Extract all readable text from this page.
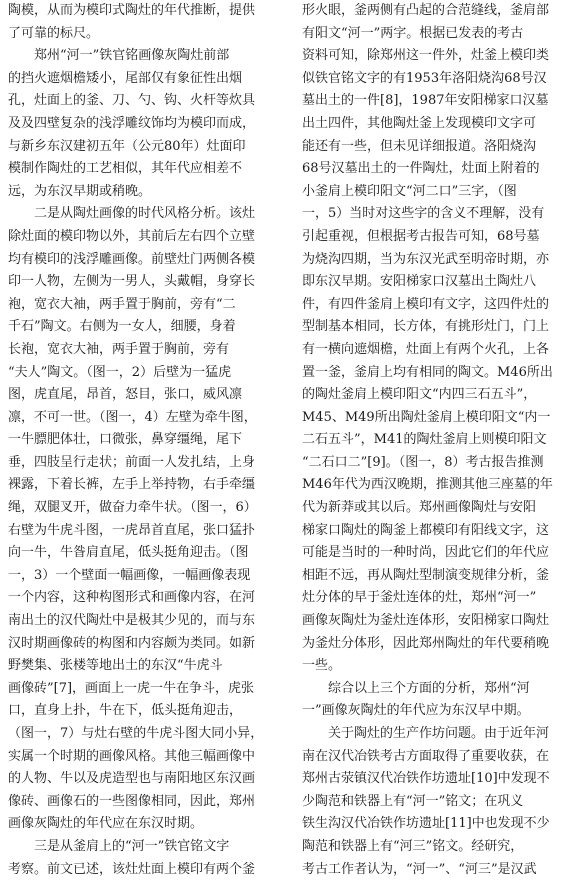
陶模，从而为模印式陶灶的年代推断，提供
了可靠的标尺。
郑州“河一”铁官铭画像灰陶灶前部
的挡火遮烟檐矮小，尾部仅有象征性出烟
孔，灶面上的釜、刀、勺、钩、火杆等炊具
及及四壁复杂的浅浮雕纹饰均为模印而成，
与新乡东汉建初五年（公元80年）灶面印
模制作陶灶的工艺相似，其年代应相差不
远，为东汉早期或稍晚。
二是从陶灶画像的时代风格分析。该灶
除灶面的模印物以外，其前后左右四个立壁
均有模印的浅浮雕画像。前壁灶门两侧各模
印一人物，左侧为一男人，头戴帽，身穿长
袍，宽衣大袖，两手置于胸前，旁有“二
千石”陶文。右侧为一女人，细腰，身着
长袍，宽衣大袖，两手置于胸前，旁有
“夫人”陶文。（图一，2）后壁为一猛虎
图，虎直尾，昂首，怒目，张口，威风凛
凛，不可一世。（图一，4）左壁为牵牛图，
一牛膘肥体壮，口微张，鼻穿缰绳，尾下
垂，四肢呈行走状；前面一人发扎结，上身
裸露，下着长裤，左手上举持物，右手牵缰
绳，双腿叉开，做奋力牵牛状。（图一，6）
右壁为牛虎斗图，一虎昂首直尾，张口猛扑
向一牛，牛昝肩直尾，低头挺角迎击。（图
一，3）一个壁面一幅画像，一幅画像表现
一个内容，这种构图形式和画像内容，在河
南出土的汉代陶灶中是极其少见的，而与东
汉时期画像砖的构图和内容颇为类同。如新
野樊集、张楼等地出土的东汉“牛虎斗
画像砖”[7]，画面上一虎一牛在争斗，虎张
口，直身上扑，牛在下，低头挺角迎击，
（图一，7）与灶右壁的牛虎斗图大同小异，
实属一个时期的画像风格。其他三幅画像中
的人物、牛以及虎造型也与南阳地区东汉画
像砖、画像石的一些图像相同，因此，郑州
画像灰陶灶的年代应在东汉时期。
三是从釜肩上的“河一”铁官铭文字
考察。前文已述，该灶灶面上模印有两个釜
形火眼，釜两侧有凸起的合范缝线，釜肩部
有阳文“河一”两字。根据已发表的考古
资料可知，除郑州这一件外，灶釜上模印类
似铁官铭文字的有1953年洛阳烧沟68号汉
墓出土的一件[8]，1987年安阳梯家口汉墓
出土四件，其他陶灶釜上发现模印文字可
能还有一些，但未见详细报道。洛阳烧沟
68号汉墓出土的一件陶灶，灶面上附着的
小釜肩上模印阳文“河二口”三字，（图
一，5）当时对这些字的含义不理解，没有
引起重视，但根据考古报告可知，68号墓
为烧沟四期，当为东汉光武至明帝时期，亦
即东汉早期。安阳梯家口汉墓出土陶灶八
件，有四件釜肩上模印有文字，这四件灶的
型制基本相同，长方体，有挑形灶门，门上
有一横向遮烟檐，灶面上有两个火孔，上各
置一釜，釜肩上均有相同的陶文。M46所出
的陶灶釜肩上模印阳文“内四三石五斗”，
M45、M49所出陶灶釜肩上模印阳文“内一
二石五斗”，M41的陶灶釜肩上则模印阳文
“二石口二”[9]。（图一，8）考古报告推测
M46年代为西汉晚期，推测其他三座墓的年
代为新莽或其以后。郑州画像陶灶与安阳
梯家口陶灶的陶釜上都模印有阳线文字，这
可能是当时的一种时尚，因此它们的年代应
相距不远，再从陶灶型制演变规律分析，釜
灶分体的早于釜灶连体的灶，郑州“河一”
画像灰陶灶为釜灶连体形，安阳梯家口陶灶
为釜灶分体形，因此郑州陶灶的年代要稍晚
一些。
综合以上三个方面的分析，郑州“河
一”画像灰陶灶的年代应为东汉早中期。
关于陶灶的生产作坊问题。由于近年河
南在汉代冶铁考古方面取得了重要收获，在
郑州古荥镇汉代冶铁作坊遗址[10]中发现不
少陶范和铁器上有“河一”铭文；在巩义
铁生沟汉代冶铁作坊遗址[11]中也发现不少
陶范和铁器上有“河三”铭文。经研究，
考古工作者认为，“河一”、“河三”是汉武
